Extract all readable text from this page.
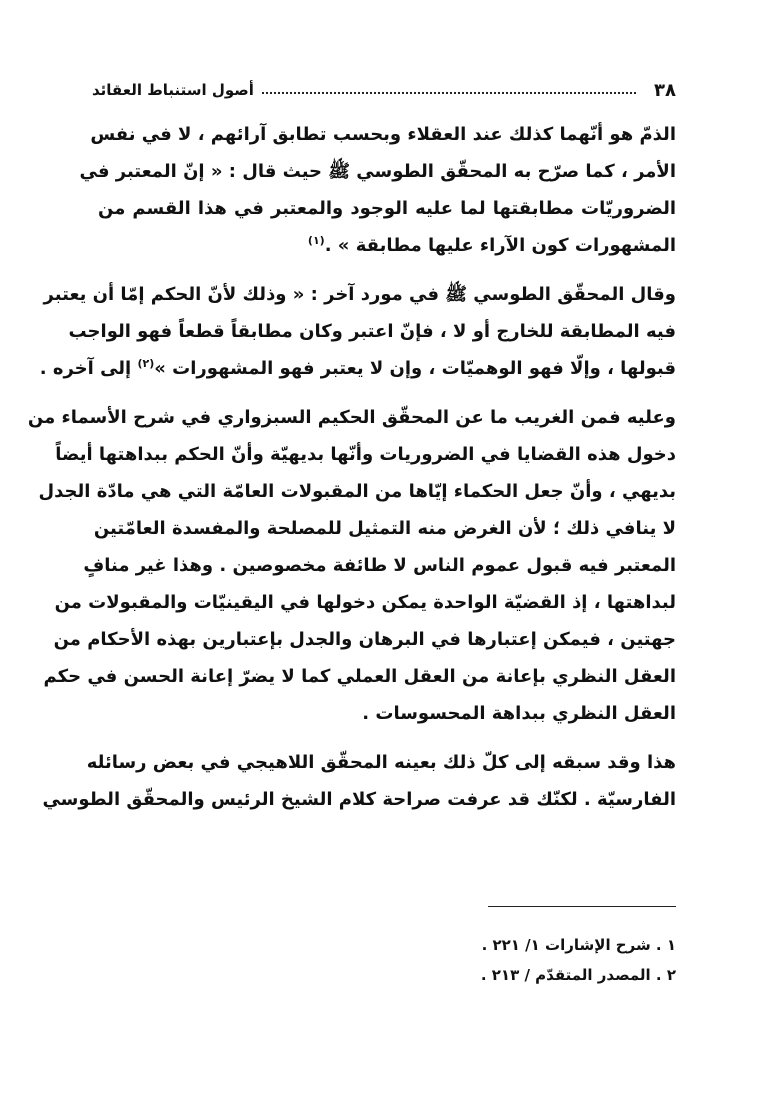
٣٨
أصول استنباط العقائد
الذمّ هو أنّهما كذلك عند العقلاء وبحسب تطابق آرائهم ، لا في نفس
الأمر ، كما صرّح به المحقّق الطوسي ﷺ حيث قال : « إنّ المعتبر في
الضروريّات مطابقتها لما عليه الوجود والمعتبر في هذا القسم من
المشهورات كون الآراء عليها مطابقة » .$^{(١)}$
وقال المحقّق الطوسي ﷺ في مورد آخر : « وذلك لأنّ الحكم إمّا أن يعتبر
فيه المطابقة للخارج أو لا ، فإنّ اعتبر وكان مطابقاً قطعاً فهو الواجب
قبولها ، وإلّا فهو الوهميّات ، وإن لا يعتبر فهو المشهورات »$^{(٢)}$ إلى آخره .
وعليه فمن الغريب ما عن المحقّق الحكيم السبزواري في شرح الأسماء من
دخول هذه القضايا في الضروريات وأنّها بديهيّة وأنّ الحكم ببداهتها أيضاً
بديهي ، وأنّ جعل الحكماء إيّاها من المقبولات العامّة التي هي مادّة الجدل
لا ينافي ذلك ؛ لأن الغرض منه التمثيل للمصلحة والمفسدة العامّتين
المعتبر فيه قبول عموم الناس لا طائفة مخصوصين . وهذا غير منافٍ
لبداهتها ، إذ القضيّة الواحدة يمكن دخولها في اليقينيّات والمقبولات من
جهتين ، فيمكن إعتبارها في البرهان والجدل بإعتبارين بهذه الأحكام من
العقل النظري بإعانة من العقل العملي كما لا يضرّ إعانة الحسن في حكم
العقل النظري ببداهة المحسوسات .
هذا وقد سبقه إلى كلّ ذلك بعينه المحقّق اللاهيجي في بعض رسائله
الفارسيّة . لكنّك قد عرفت صراحة كلام الشيخ الرئيس والمحقّق الطوسي
١ . شرح الإشارات ١/ ٢٢١ .
٢ . المصدر المتقدّم / ٢١٣ .
